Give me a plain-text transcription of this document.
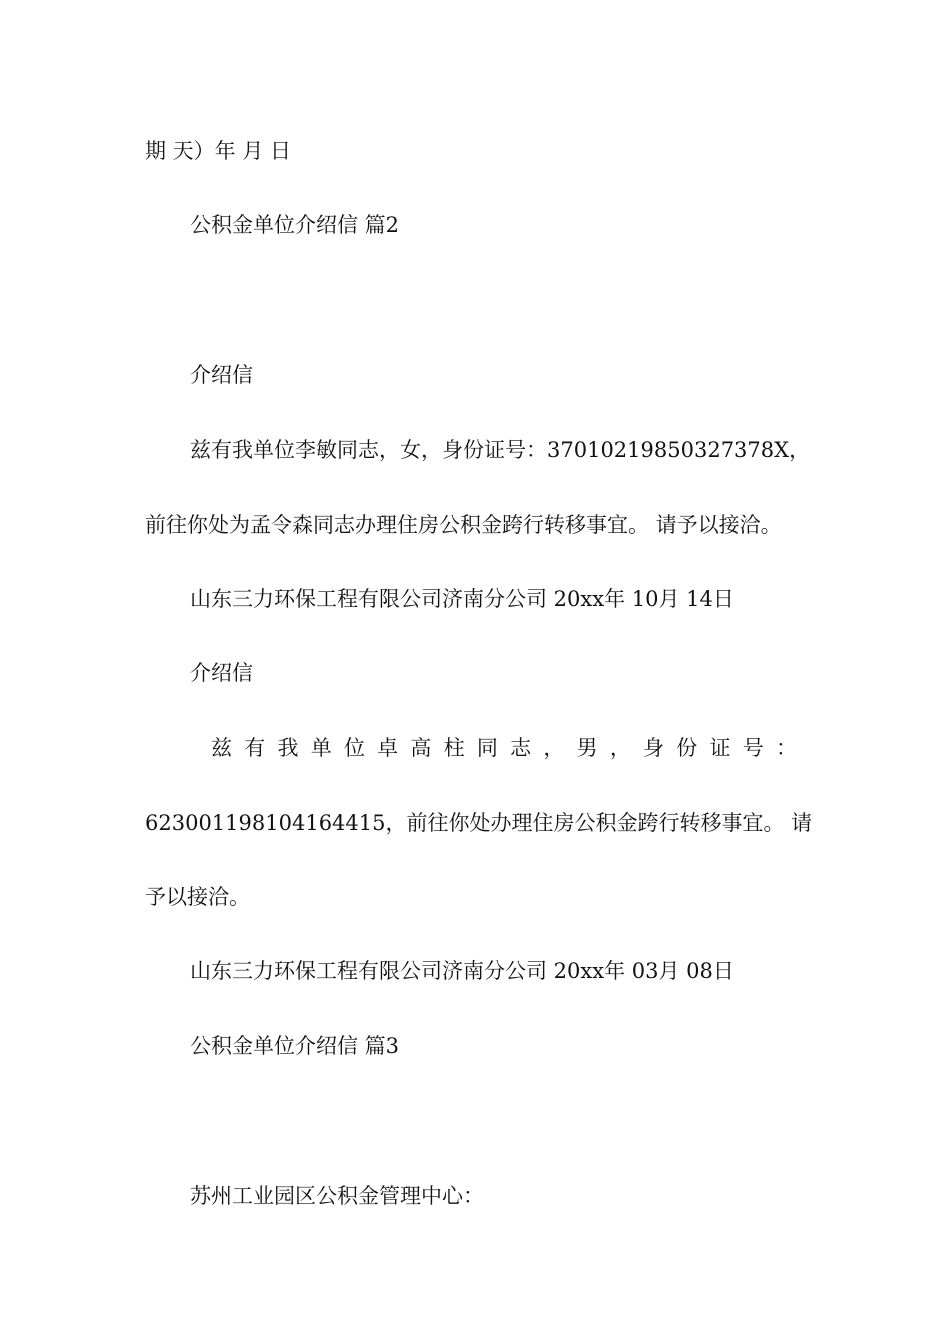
期 天）年 月 日
公积金单位介绍信 篇2
介绍信
兹有我单位李敏同志，女，身份证号：37010219850327378X，
前往你处为孟令森同志办理住房公积金跨行转移事宜。 请予以接洽。
山东三力环保工程有限公司济南分公司 20xx年 10月 14日
介绍信
兹 有 我 单 位 卓 高 柱 同 志 ， 男 ， 身 份 证 号 ：
623001198104164415，前往你处办理住房公积金跨行转移事宜。 请
予以接洽。
山东三力环保工程有限公司济南分公司 20xx年 03月 08日
公积金单位介绍信 篇3
苏州工业园区公积金管理中心：
